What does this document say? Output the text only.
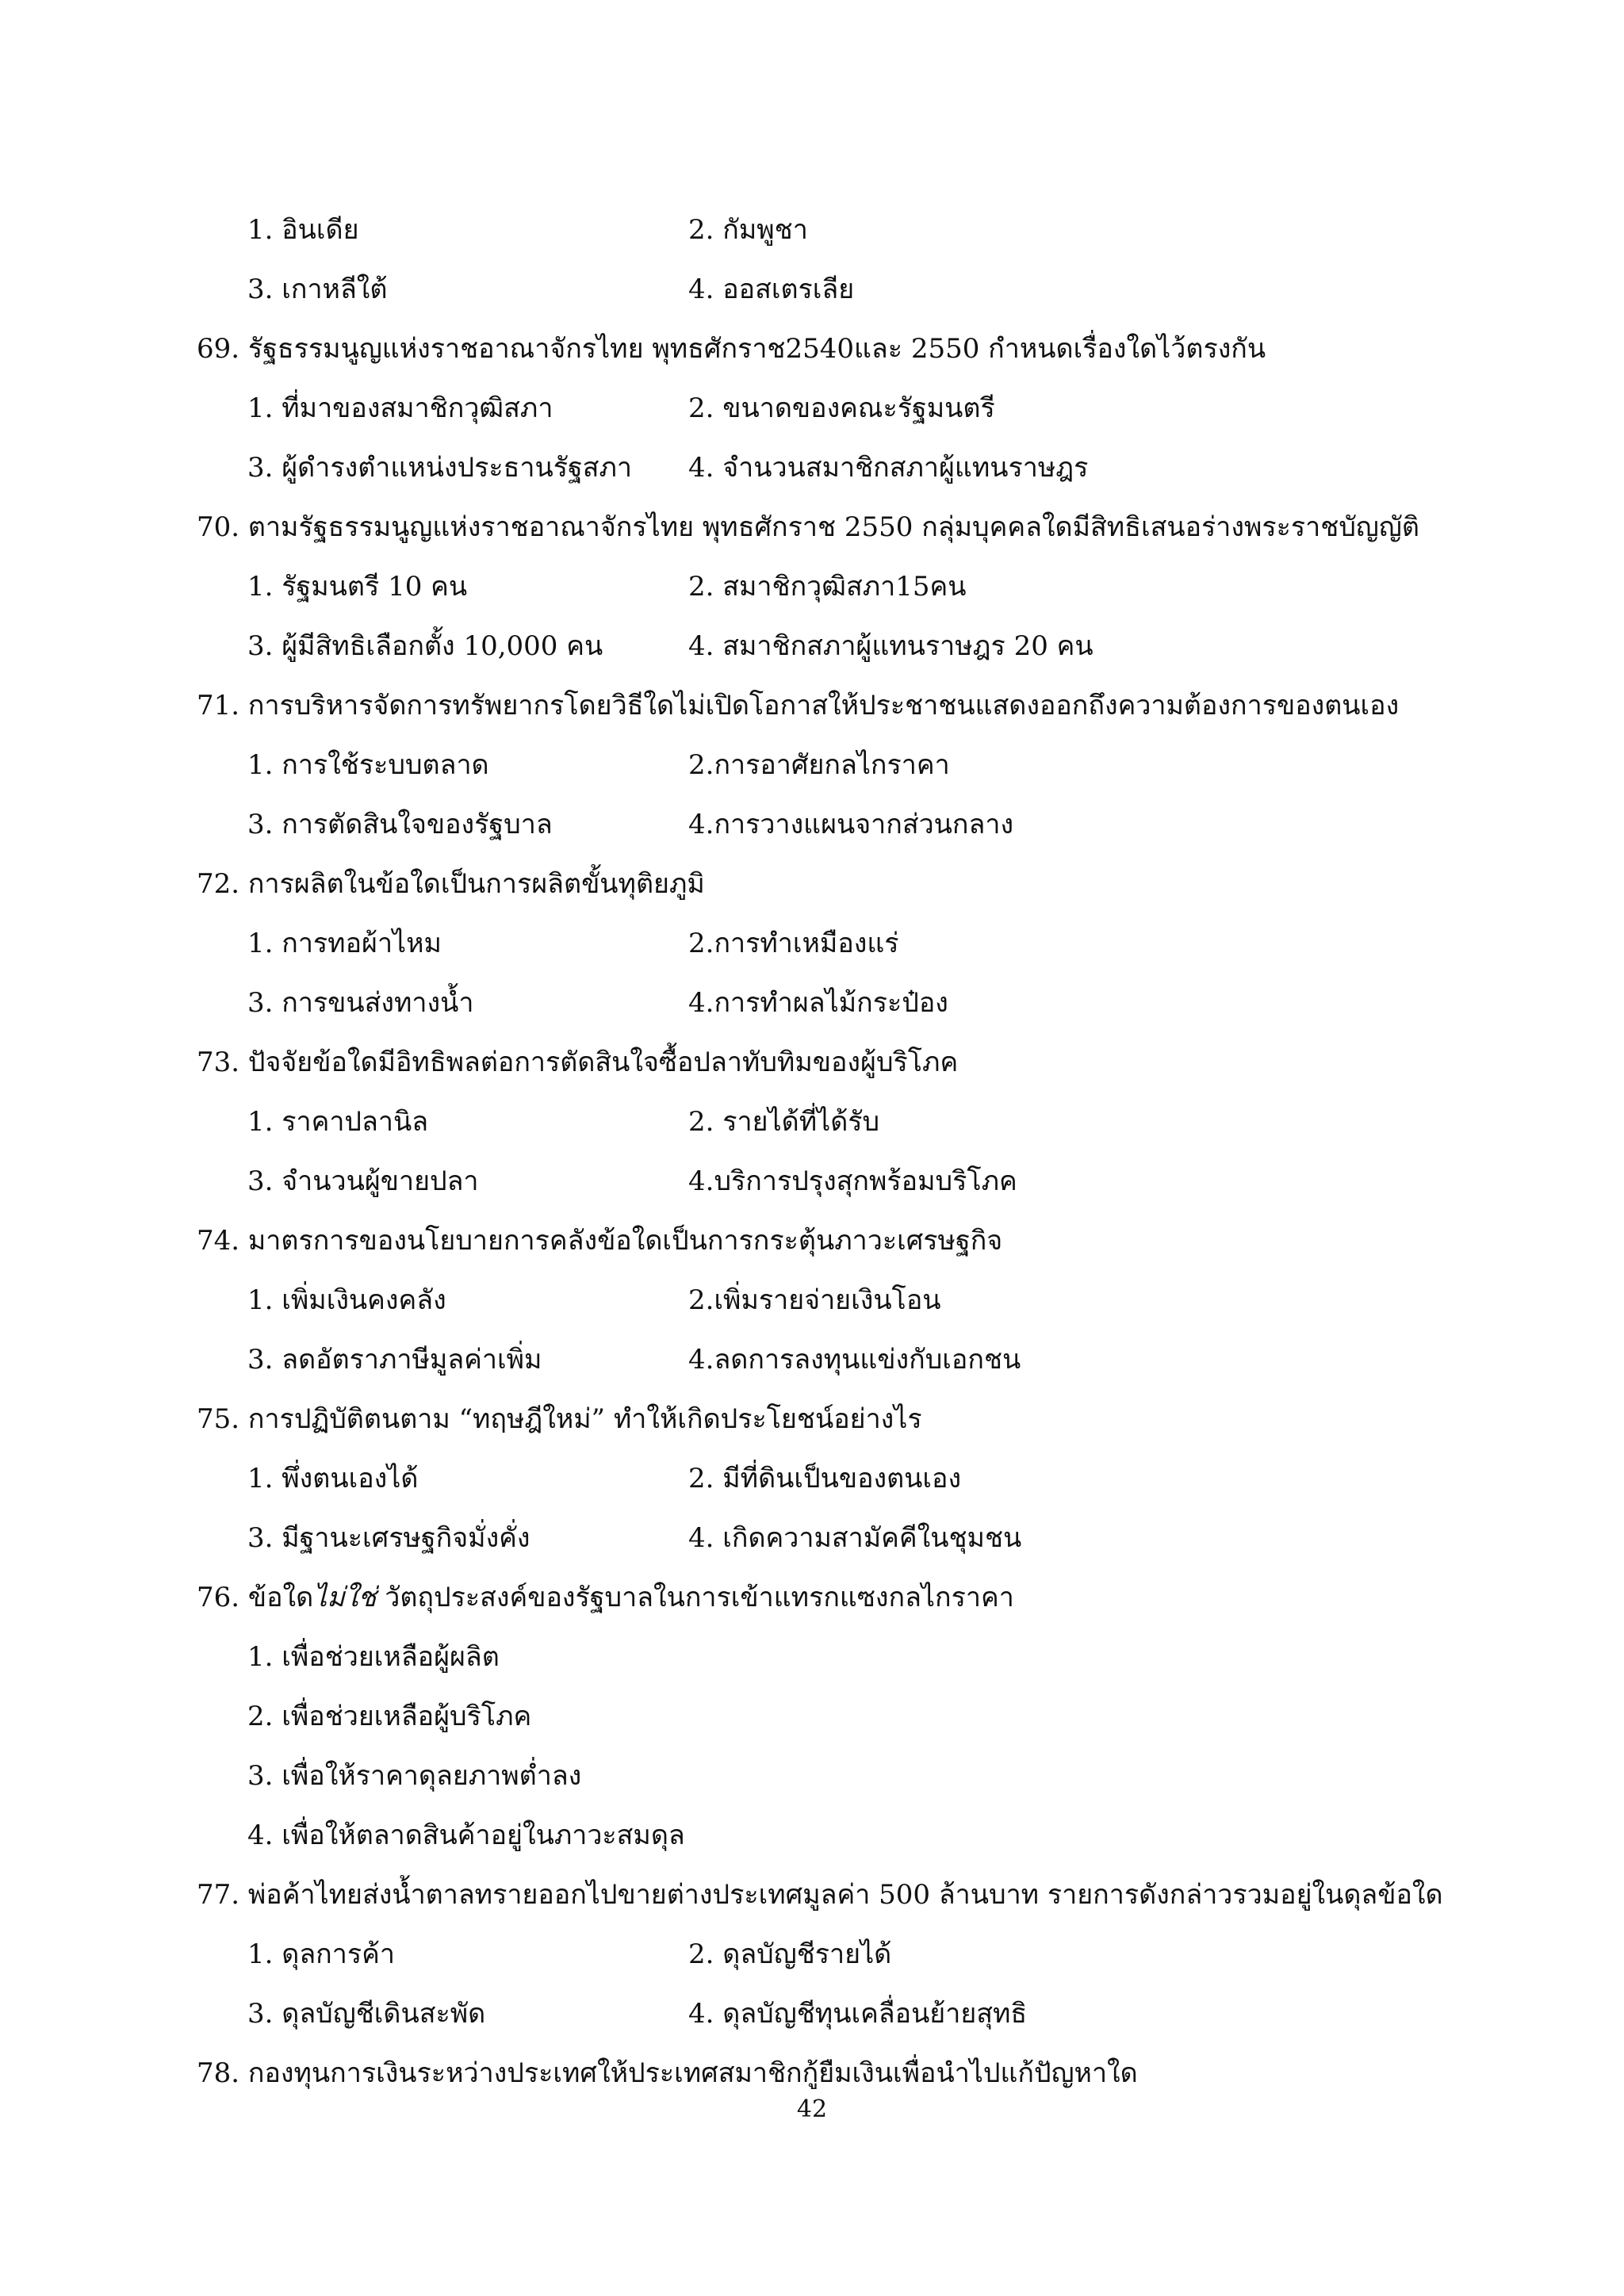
1. อินเดีย	2. กัมพูชา
3. เกาหลีใต้	4. ออสเตรเลีย
69. รัฐธรรมนูญแห่งราชอาณาจักรไทย พุทธศักราช2540และ 2550 กำหนดเรื่องใดไว้ตรงกัน
1. ที่มาของสมาชิกวุฒิสภา	2. ขนาดของคณะรัฐมนตรี
3. ผู้ดำรงตำแหน่งประธานรัฐสภา 4. จำนวนสมาชิกสภาผู้แทนราษฎร
70. ตามรัฐธรรมนูญแห่งราชอาณาจักรไทย พุทธศักราช 2550 กลุ่มบุคคลใดมีสิทธิเสนอร่างพระราชบัญญัติ
1. รัฐมนตรี 10 คน	2. สมาชิกวุฒิสภา15คน
3. ผู้มีสิทธิเลือกตั้ง 10,000 คน	4. สมาชิกสภาผู้แทนราษฎร 20 คน
71. การบริหารจัดการทรัพยากรโดยวิธีใดไม่เปิดโอกาสให้ประชาชนแสดงออกถึงความต้องการของตนเอง
1. การใช้ระบบตลาด	2.การอาศัยกลไกราคา
3. การตัดสินใจของรัฐบาล	4.การวางแผนจากส่วนกลาง
72. การผลิตในข้อใดเป็นการผลิตขั้นทุติยภูมิ
1. การทอผ้าไหม	2.การทำเหมืองแร่
3. การขนส่งทางน้ำ	4.การทำผลไม้กระป๋อง
73. ปัจจัยข้อใดมีอิทธิพลต่อการตัดสินใจซื้อปลาทับทิมของผู้บริโภค
1. ราคาปลานิล	2. รายได้ที่ได้รับ
3. จำนวนผู้ขายปลา	4.บริการปรุงสุกพร้อมบริโภค
74. มาตรการของนโยบายการคลังข้อใดเป็นการกระตุ้นภาวะเศรษฐกิจ
1. เพิ่มเงินคงคลัง	2.เพิ่มรายจ่ายเงินโอน
3. ลดอัตราภาษีมูลค่าเพิ่ม	4.ลดการลงทุนแข่งกับเอกชน
75. การปฏิบัติตนตาม “ทฤษฎีใหม่” ทำให้เกิดประโยชน์อย่างไร
1. พึ่งตนเองได้	2. มีที่ดินเป็นของตนเอง
3. มีฐานะเศรษฐกิจมั่งคั่ง	4. เกิดความสามัคคีในชุมชน
76. ข้อใดไม่ใช่ วัตถุประสงค์ของรัฐบาลในการเข้าแทรกแซงกลไกราคา
1. เพื่อช่วยเหลือผู้ผลิต
2. เพื่อช่วยเหลือผู้บริโภค
3. เพื่อให้ราคาดุลยภาพต่ำลง
4. เพื่อให้ตลาดสินค้าอยู่ในภาวะสมดุล
77. พ่อค้าไทยส่งน้ำตาลทรายออกไปขายต่างประเทศมูลค่า 500 ล้านบาท รายการดังกล่าวรวมอยู่ในดุลข้อใด
1. ดุลการค้า	2. ดุลบัญชีรายได้
3. ดุลบัญชีเดินสะพัด	4. ดุลบัญชีทุนเคลื่อนย้ายสุทธิ
78. กองทุนการเงินระหว่างประเทศให้ประเทศสมาชิกกู้ยืมเงินเพื่อนำไปแก้ปัญหาใด
42
